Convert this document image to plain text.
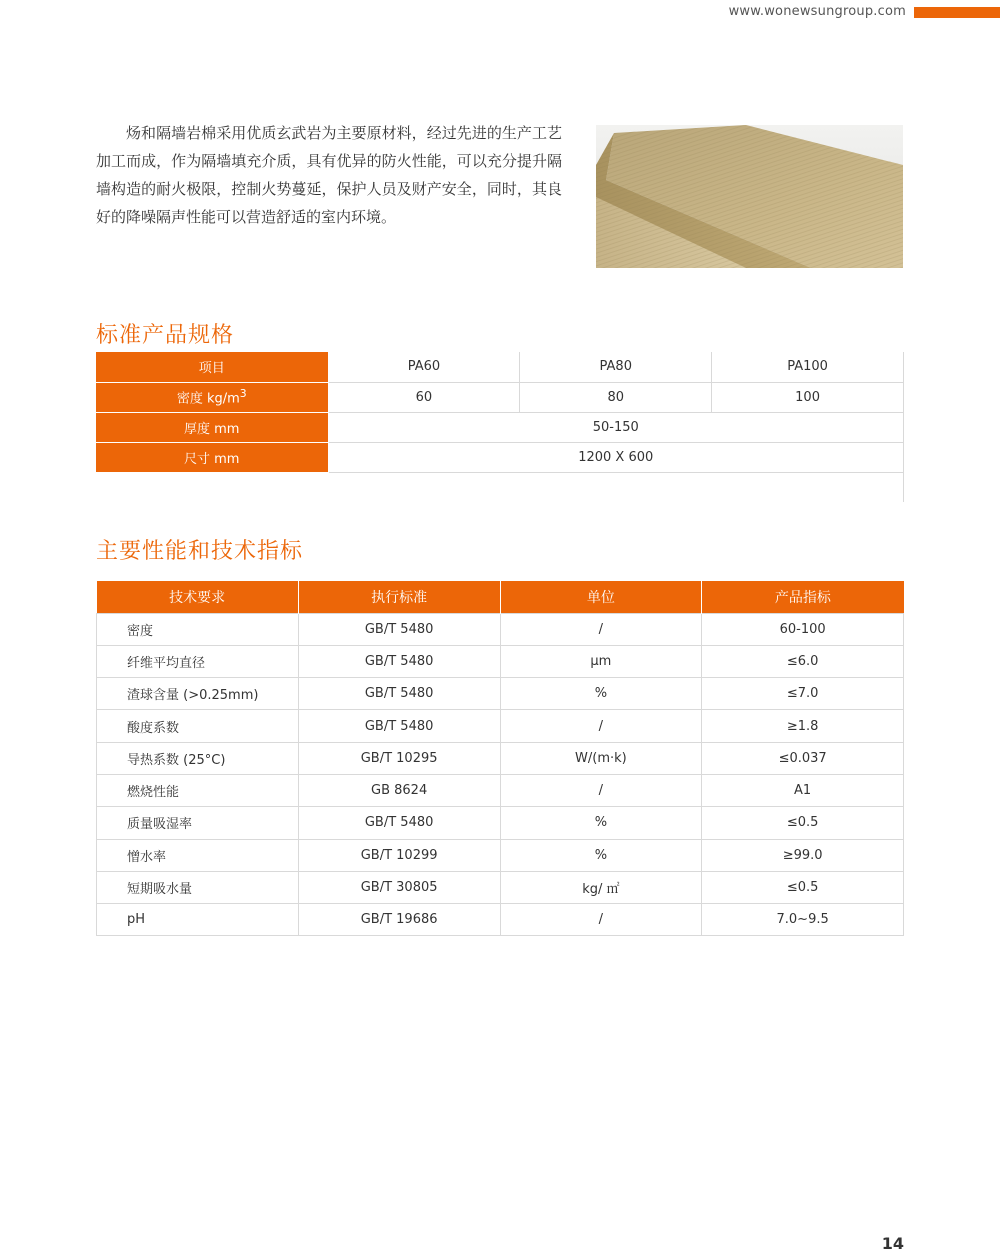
www.wonewsungroup.com

炀和隔墙岩棉采用优质玄武岩为主要原材料，经过先进的生产工艺加工而成，作为隔墙填充介质，具有优异的防火性能，可以充分提升隔墙构造的耐火极限，控制火势蔓延，保护人员及财产安全，同时，其良好的降噪隔声性能可以营造舒适的室内环境。

标准产品规格
项目	PA60	PA80	PA100
密度 $kg/m^3$	60	80	100
厚度 mm	50-150		
尺寸 mm	1200 X 600		
主要性能和技术指标
技术要求	执行标准	单位	产品指标
密度	GB/T 5480	/	60-100
纤维平均直径	GB/T 5480	μm	≤6.0
渣球含量 (>0.25mm)	GB/T 5480	%	≤7.0
酸度系数	GB/T 5480	/	≥1.8
导热系数 (25°C)	GB/T 10295	W/(m·k)	≤0.037
燃烧性能	GB 8624	/	A1
质量吸湿率	GB/T 5480	%	≤0.5
憎水率	GB/T 10299	%	≥99.0
短期吸水量	GB/T 30805	kg/ ㎡	≤0.5
pH	GB/T 19686	/	7.0~9.5
14
